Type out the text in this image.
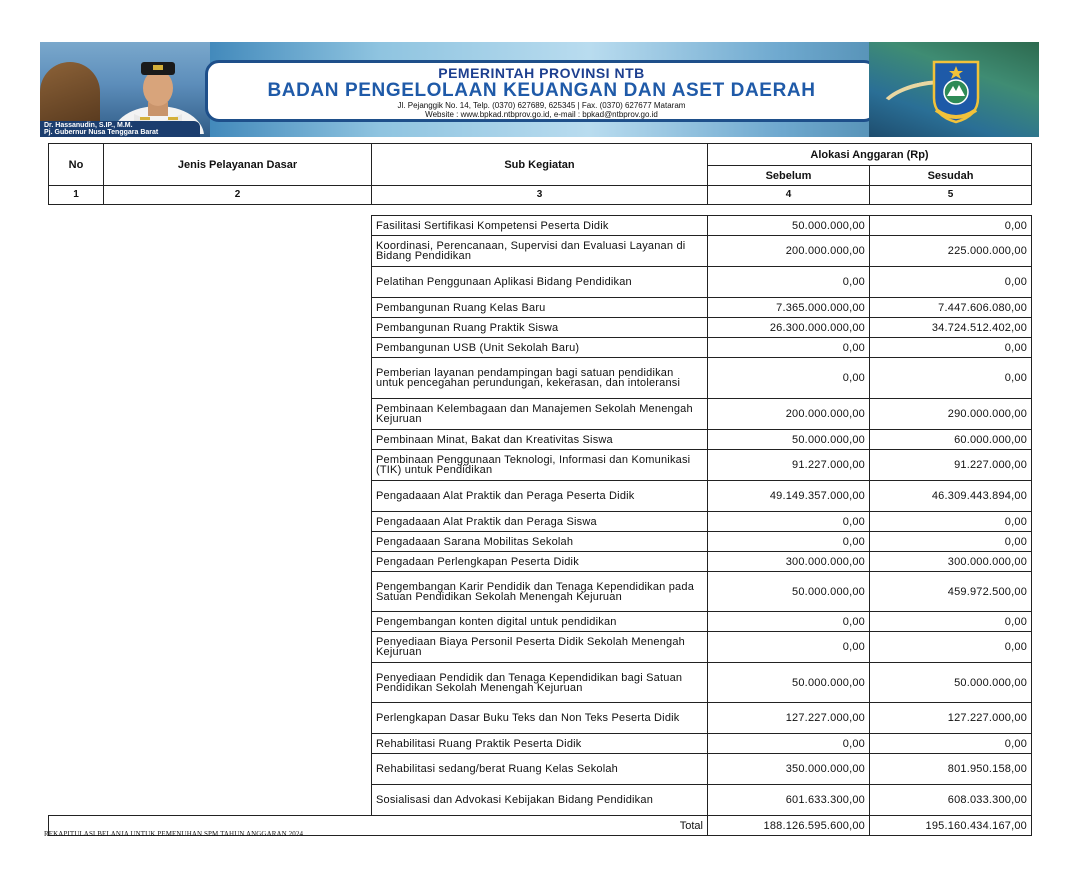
Dr. Hassanudin, S.IP., M.M.
Pj. Gubernur Nusa Tenggara Barat
PEMERINTAH PROVINSI NTB
BADAN PENGELOLAAN KEUANGAN DAN ASET DAERAH
Jl. Pejanggik No. 14, Telp. (0370) 627689, 625345 | Fax. (0370) 627677 Mataram
Website : www.bpkad.ntbprov.go.id, e-mail : bpkad@ntbprov.go.id
No	Jenis Pelayanan Dasar	Sub Kegiatan	Alokasi Anggaran (Rp)	
			Sebelum	Sesudah
1	2	3	4	5

		Fasilitasi Sertifikasi Kompetensi Peserta Didik	50.000.000,00	0,00
		Koordinasi, Perencanaan, Supervisi dan Evaluasi Layanan di Bidang Pendidikan	200.000.000,00	225.000.000,00
		Pelatihan Penggunaan Aplikasi Bidang Pendidikan	0,00	0,00
		Pembangunan Ruang Kelas Baru	7.365.000.000,00	7.447.606.080,00
		Pembangunan Ruang Praktik Siswa	26.300.000.000,00	34.724.512.402,00
		Pembangunan USB (Unit Sekolah Baru)	0,00	0,00
		Pemberian layanan pendampingan bagi satuan pendidikan untuk pencegahan perundungan, kekerasan, dan intoleransi	0,00	0,00
		Pembinaan Kelembagaan dan Manajemen Sekolah Menengah Kejuruan	200.000.000,00	290.000.000,00
		Pembinaan Minat, Bakat dan Kreativitas Siswa	50.000.000,00	60.000.000,00
		Pembinaan Penggunaan Teknologi, Informasi dan Komunikasi (TIK) untuk Pendidikan	91.227.000,00	91.227.000,00
		Pengadaaan Alat Praktik dan Peraga Peserta Didik	49.149.357.000,00	46.309.443.894,00
		Pengadaaan Alat Praktik dan Peraga Siswa	0,00	0,00
		Pengadaaan Sarana Mobilitas Sekolah	0,00	0,00
		Pengadaan Perlengkapan Peserta Didik	300.000.000,00	300.000.000,00
		Pengembangan Karir Pendidik dan Tenaga Kependidikan pada Satuan Pendidikan Sekolah Menengah Kejuruan	50.000.000,00	459.972.500,00
		Pengembangan konten digital untuk pendidikan	0,00	0,00
		Penyediaan Biaya Personil Peserta Didik Sekolah Menengah Kejuruan	0,00	0,00
		Penyediaan Pendidik dan Tenaga Kependidikan bagi Satuan Pendidikan Sekolah Menengah Kejuruan	50.000.000,00	50.000.000,00
		Perlengkapan Dasar Buku Teks dan Non Teks Peserta Didik	127.227.000,00	127.227.000,00
		Rehabilitasi Ruang Praktik Peserta Didik	0,00	0,00
		Rehabilitasi sedang/berat Ruang Kelas Sekolah	350.000.000,00	801.950.158,00
		Sosialisasi dan Advokasi Kebijakan Bidang Pendidikan	601.633.300,00	608.033.300,00
Total			188.126.595.600,00	195.160.434.167,00
REKAPITULASI BELANJA UNTUK PEMENUHAN SPM TAHUN ANGGARAN 2024
